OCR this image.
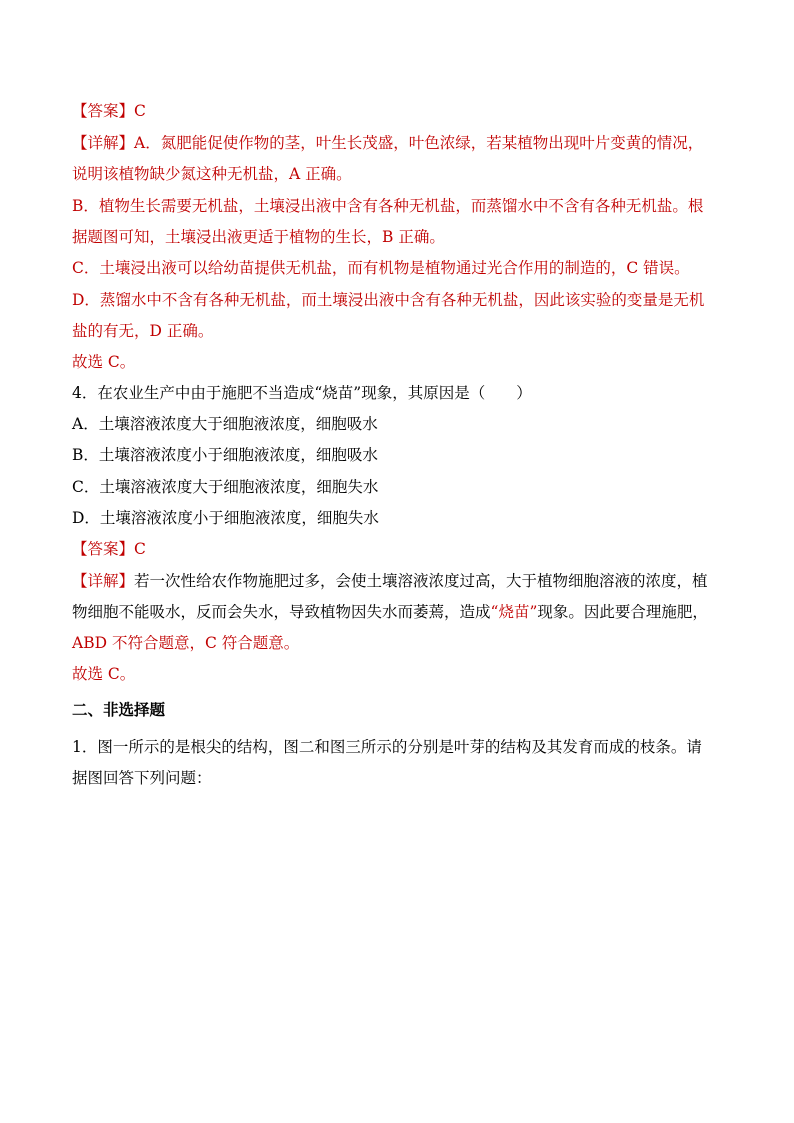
【答案】C
【详解】A．氮肥能促使作物的茎，叶生长茂盛，叶色浓绿，若某植物出现叶片变黄的情况，
说明该植物缺少氮这种无机盐，A 正确。
B．植物生长需要无机盐，土壤浸出液中含有各种无机盐，而蒸馏水中不含有各种无机盐。根
据题图可知，土壤浸出液更适于植物的生长，B 正确。
C．土壤浸出液可以给幼苗提供无机盐，而有机物是植物通过光合作用的制造的，C 错误。
D．蒸馏水中不含有各种无机盐，而土壤浸出液中含有各种无机盐，因此该实验的变量是无机
盐的有无，D 正确。
故选 C。
4．在农业生产中由于施肥不当造成“烧苗”现象，其原因是（　　）
A．土壤溶液浓度大于细胞液浓度，细胞吸水
B．土壤溶液浓度小于细胞液浓度，细胞吸水
C．土壤溶液浓度大于细胞液浓度，细胞失水
D．土壤溶液浓度小于细胞液浓度，细胞失水
【答案】C
【详解】若一次性给农作物施肥过多，会使土壤溶液浓度过高，大于植物细胞溶液的浓度，植
物细胞不能吸水，反而会失水，导致植物因失水而萎蔫，造成“烧苗”现象。因此要合理施肥，
ABD 不符合题意，C 符合题意。
故选 C。
二、非选择题
1．图一所示的是根尖的结构，图二和图三所示的分别是叶芽的结构及其发育而成的枝条。请
据图回答下列问题：
